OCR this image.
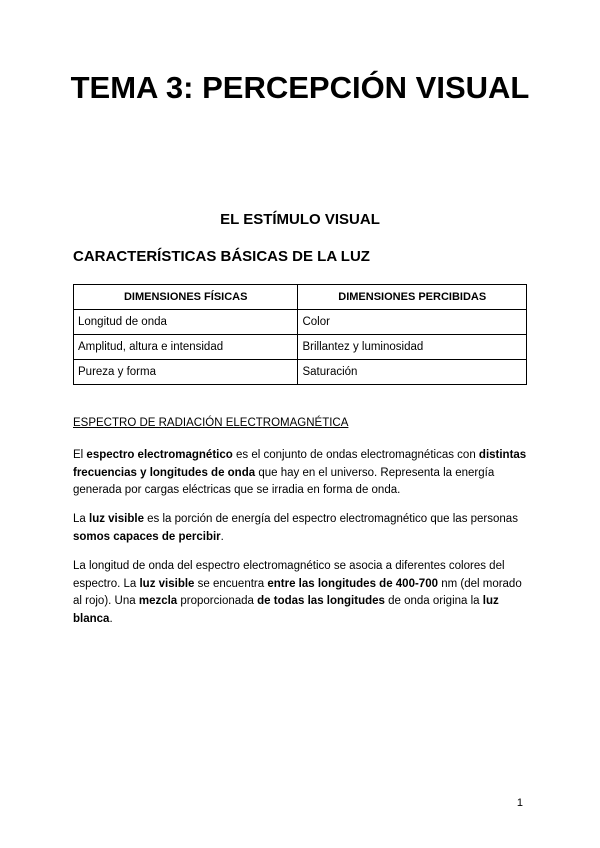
TEMA 3: PERCEPCIÓN VISUAL
EL ESTÍMULO VISUAL
CARACTERÍSTICAS BÁSICAS DE LA LUZ
DIMENSIONES FÍSICAS	DIMENSIONES PERCIBIDAS
Longitud de onda	Color
Amplitud, altura e intensidad	Brillantez y luminosidad
Pureza y forma	Saturación
ESPECTRO DE RADIACIÓN ELECTROMAGNÉTICA
El espectro electromagnético es el conjunto de ondas electromagnéticas con distintas frecuencias y longitudes de onda que hay en el universo. Representa la energía generada por cargas eléctricas que se irradia en forma de onda.
La luz visible es la porción de energía del espectro electromagnético que las personas somos capaces de percibir.
La longitud de onda del espectro electromagnético se asocia a diferentes colores del espectro. La luz visible se encuentra entre las longitudes de 400-700 nm (del morado al rojo). Una mezcla proporcionada de todas las longitudes de onda origina la luz blanca.
1
